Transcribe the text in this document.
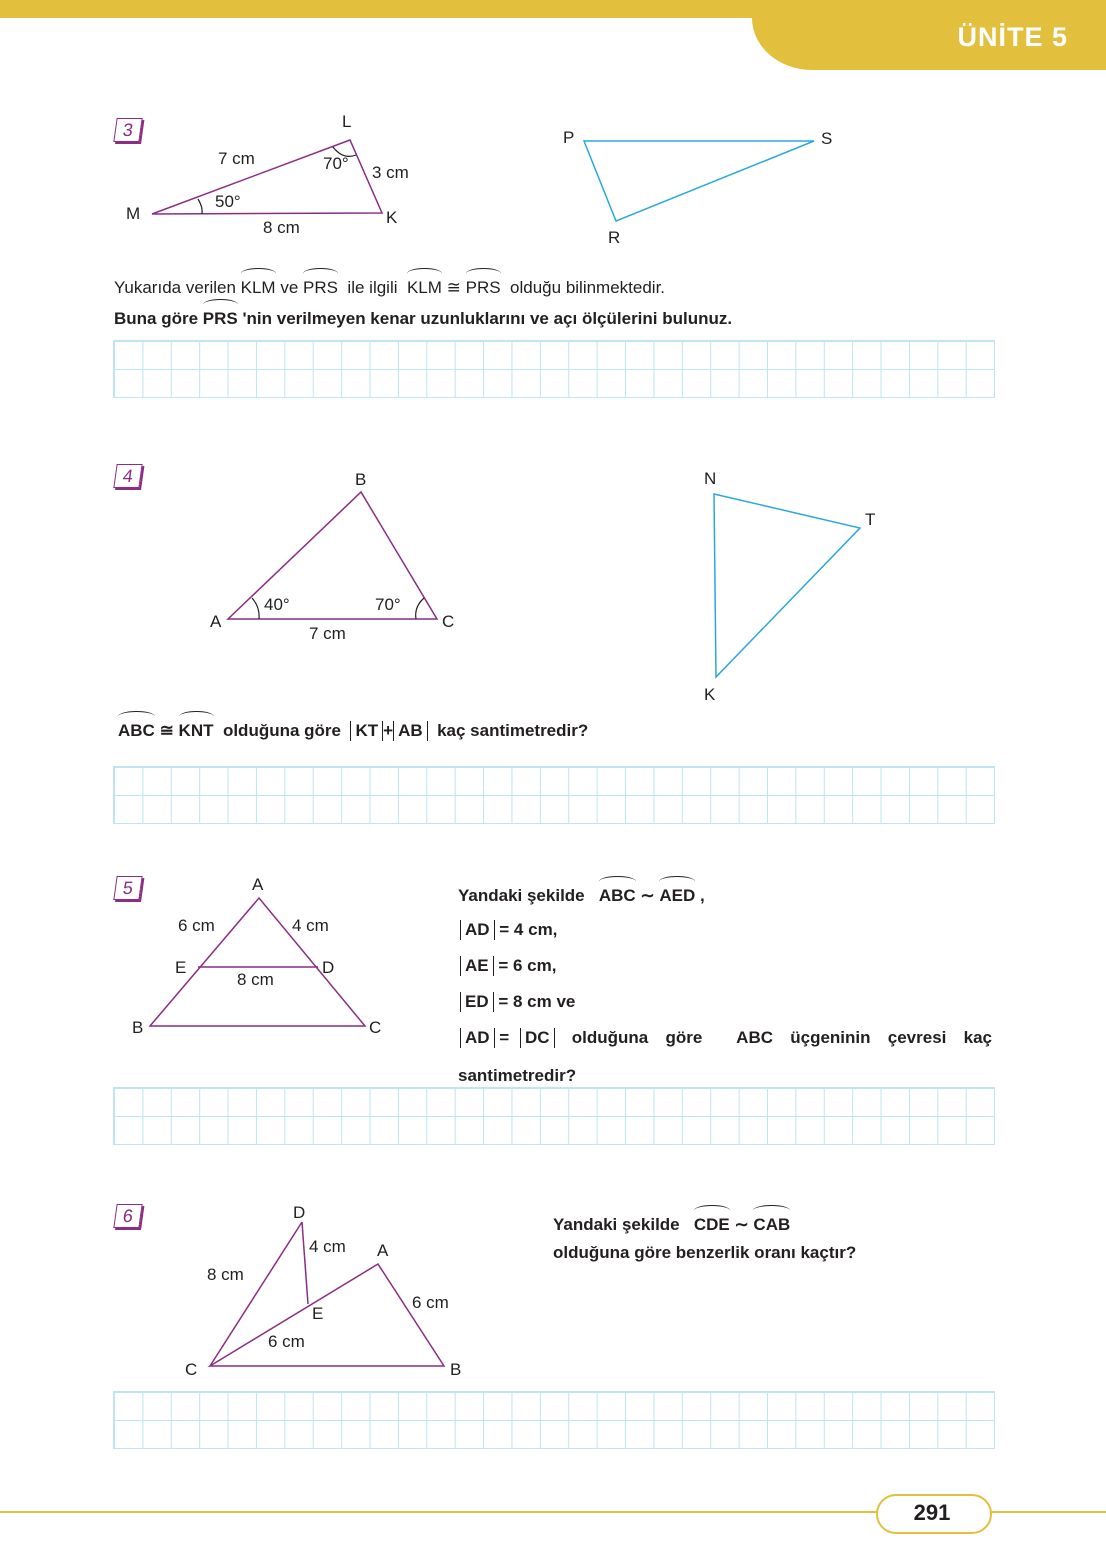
ÜNİTE 5
3	L
M	K
7 cm
3 cm
8 cm
70°
50°
P	S
R
Yukarıda verilen KLM ve PRS  ile ilgili  KLM ≅ PRS  olduğu bilinmektedir.
Buna göre PRS 'nin verilmeyen kenar uzunluklarını ve açı ölçülerini bulunuz.
4	B
A	C
40°	70°
7 cm
N
T
K
ABC ≅ KNT  olduğuna göre  KT + AB  kaç santimetredir?
5	A
6 cm	4 cm
E	D
8 cm
B	C
Yandaki şekilde   ABC ∼ AED ,
AD = 4 cm,
AE = 6 cm,
ED = 8 cm ve
AD = DC olduğuna göre  ABC üçgeninin çevresi kaç
santimetredir?
6	D
4 cm A
8 cm
6 cm
E
6 cm
C	B
Yandaki şekilde   CDE ∼ CAB
olduğuna göre benzerlik oranı kaçtır?
291
